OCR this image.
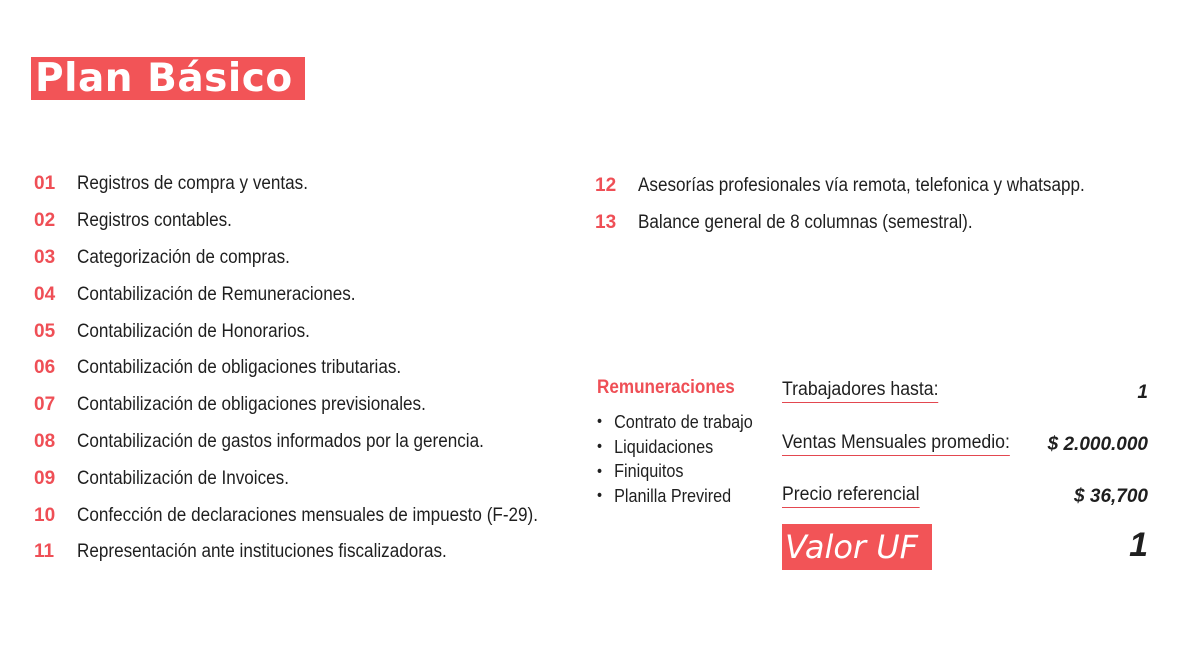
Plan Básico
01	Registros de compra y ventas.
02	Registros contables.
03	Categorización de compras.
04	Contabilización de Remuneraciones.
05	Contabilización de Honorarios.
06	Contabilización de obligaciones tributarias.
07	Contabilización de obligaciones previsionales.
08	Contabilización de gastos informados por la gerencia.
09	Contabilización de Invoices.
10	Confección de declaraciones mensuales de impuesto (F-29).
11	Representación ante instituciones fiscalizadoras.
12	Asesorías profesionales vía remota, telefonica y whatsapp.
13	Balance general de 8 columnas (semestral).
Remuneraciones
• Contrato de trabajo
• Liquidaciones
• Finiquitos
• Planilla Previred
Trabajadores hasta:	1
Ventas Mensuales promedio: $ 2.000.000
Precio referencial	$ 36,700
Valor UF	1
